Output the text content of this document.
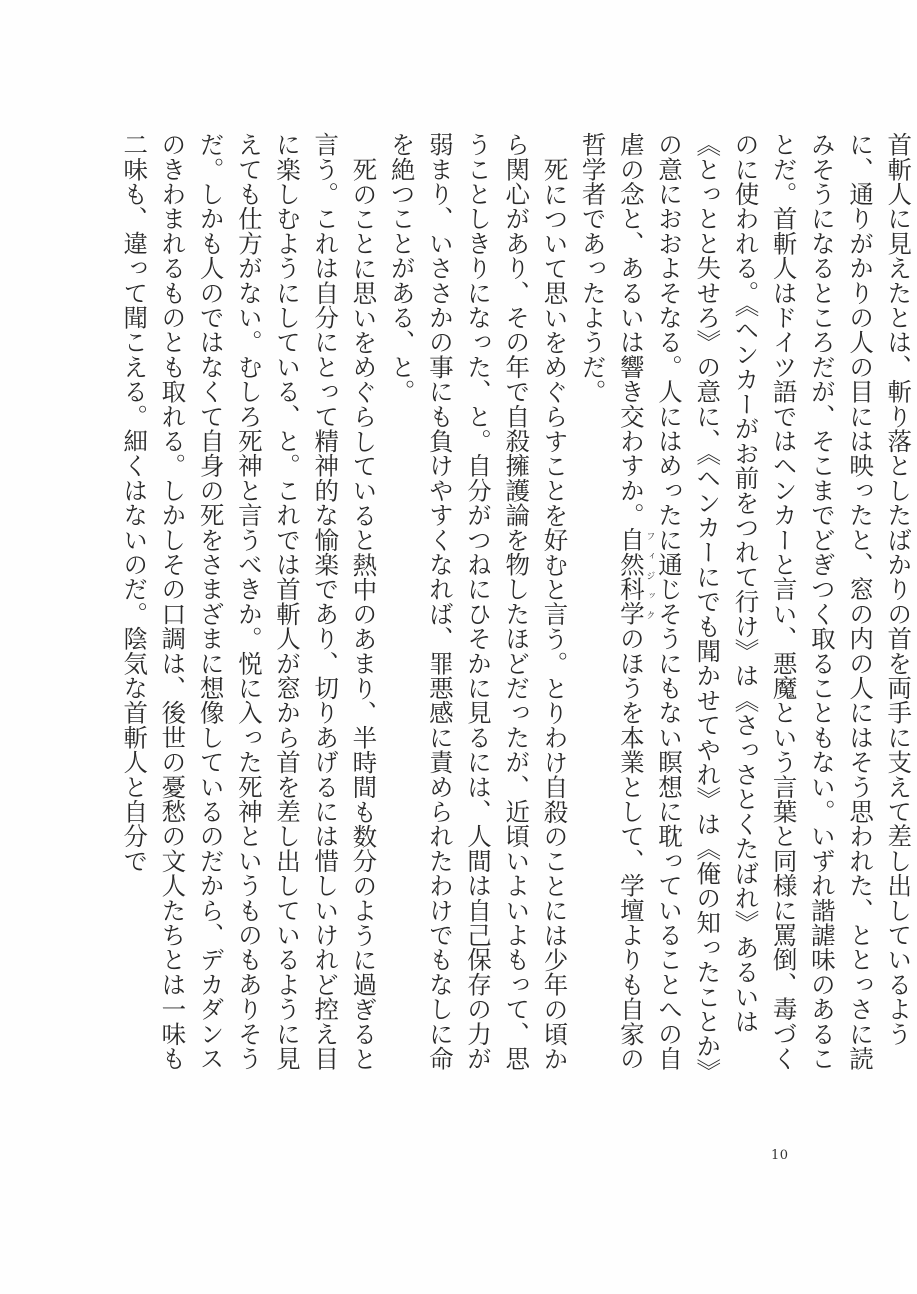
首斬人に見えたとは、斬り落としたばかりの首を両手に支えて差し出しているように、通りがかりの人の目には映ったと、窓の内の人にはそう思われた、ととっさに読みそうになるところだが、そこまでどぎつく取ることもない。いずれ諧謔味のあることだ。首斬人はドイツ語ではヘンカーと言い、悪魔という言葉と同様に罵倒、毒づくのに使われる。《ヘンカーがお前をつれて行け》は《さっさとくたばれ》あるいは《とっとと失せろ》の意に、《ヘンカーにでも聞かせてやれ》は《俺の知ったことか》の意におおよそなる。人にはめったに通じそうにもない瞑想に耽っていることへの自虐の念と、あるいは響き交わすか。自然科学フィジックのほうを本業として、学壇よりも自家の哲学者であったようだ。
死について思いをめぐらすことを好むと言う。とりわけ自殺のことには少年の頃から関心があり、その年で自殺擁護論を物したほどだったが、近頃いよいよもって、思うことしきりになった、と。自分がつねにひそかに見るには、人間は自己保存の力が弱まり、いささかの事にも負けやすくなれば、罪悪感に責められたわけでもなしに命を絶つことがある、と。
死のことに思いをめぐらしていると熱中のあまり、半時間も数分のように過ぎると言う。これは自分にとって精神的な愉楽であり、切りあげるには惜しいけれど控え目に楽しむようにしている、と。これでは首斬人が窓から首を差し出しているように見えても仕方がない。むしろ死神と言うべきか。悦に入った死神というものもありそうだ。しかも人のではなくて自身の死をさまざまに想像しているのだから、デカダンスのきわまれるものとも取れる。しかしその口調は、後世の憂愁の文人たちとは一味も二味も、違って聞こえる。細くはないのだ。陰気な首斬人と自分で
10
